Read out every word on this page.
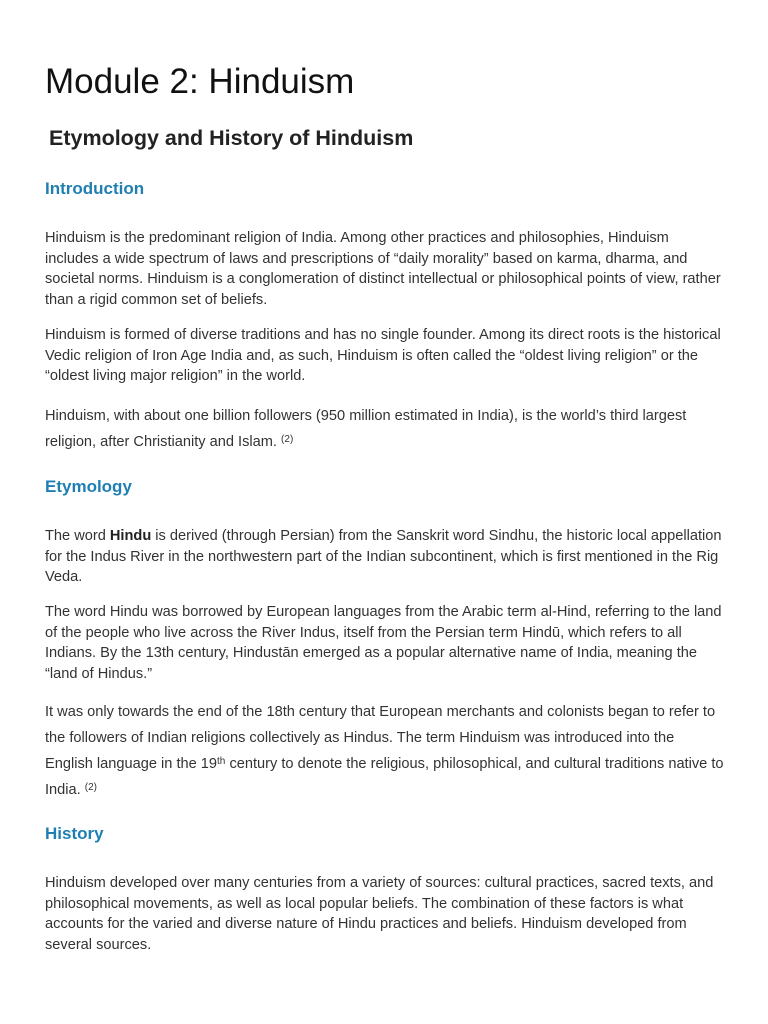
Module 2: Hinduism
Etymology and History of Hinduism
Introduction

Hinduism is the predominant religion of India. Among other practices and philosophies, Hinduism includes a wide spectrum of laws and prescriptions of “daily morality” based on karma, dharma, and societal norms. Hinduism is a conglomeration of distinct intellectual or philosophical points of view, rather than a rigid common set of beliefs.

Hinduism is formed of diverse traditions and has no single founder. Among its direct roots is the historical Vedic religion of Iron Age India and, as such, Hinduism is often called the “oldest living religion” or the “oldest living major religion” in the world.

Hinduism, with about one billion followers (950 million estimated in India), is the world’s third largest religion, after Christianity and Islam. $^{(2)}$

Etymology

The word Hindu is derived (through Persian) from the Sanskrit word Sindhu, the historic local appellation for the Indus River in the northwestern part of the Indian subcontinent, which is first mentioned in the Rig Veda.

The word Hindu was borrowed by European languages from the Arabic term al-Hind, referring to the land of the people who live across the River Indus, itself from the Persian term Hindū, which refers to all Indians. By the 13th century, Hindustān emerged as a popular alternative name of India, meaning the “land of Hindus.”

It was only towards the end of the 18th century that European merchants and colonists began to refer to the followers of Indian religions collectively as Hindus. The term Hinduism was introduced into the English language in the 19th century to denote the religious, philosophical, and cultural traditions native to India. $^{(2)}$

History

Hinduism developed over many centuries from a variety of sources: cultural practices, sacred texts, and philosophical movements, as well as local popular beliefs. The combination of these factors is what accounts for the varied and diverse nature of Hindu practices and beliefs. Hinduism developed from several sources.
